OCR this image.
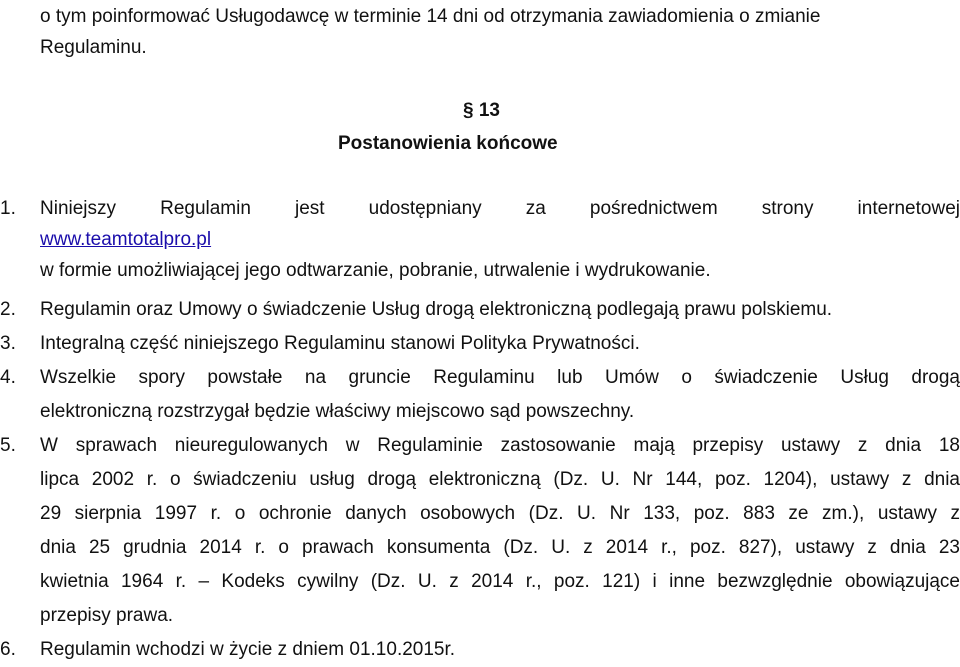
o tym poinformować Usługodawcę w terminie 14 dni od otrzymania zawiadomienia o zmianie
Regulaminu.
§ 13
Postanowienia końcowe
1.	Niniejszy Regulamin jest udostępniany za pośrednictwem strony internetowej
www.teamtotalpro.pl
w formie umożliwiającej jego odtwarzanie, pobranie, utrwalenie i wydrukowanie.
2.	Regulamin oraz Umowy o świadczenie Usług drogą elektroniczną podlegają prawu polskiemu.
3.	Integralną część niniejszego Regulaminu stanowi Polityka Prywatności.
4.	Wszelkie spory powstałe na gruncie Regulaminu lub Umów o świadczenie Usług drogą
elektroniczną rozstrzygał będzie właściwy miejscowo sąd powszechny.
5.	W sprawach nieuregulowanych w Regulaminie zastosowanie mają przepisy ustawy z dnia 18
lipca 2002 r. o świadczeniu usług drogą elektroniczną (Dz. U. Nr 144, poz. 1204), ustawy z dnia
29 sierpnia 1997 r. o ochronie danych osobowych (Dz. U. Nr 133, poz. 883 ze zm.), ustawy z
dnia 25 grudnia 2014 r. o prawach konsumenta (Dz. U. z 2014 r., poz. 827), ustawy z dnia 23
kwietnia 1964 r. – Kodeks cywilny (Dz. U. z 2014 r., poz. 121) i inne bezwzględnie obowiązujące
przepisy prawa.
6.	Regulamin wchodzi w życie z dniem 01.10.2015r.
